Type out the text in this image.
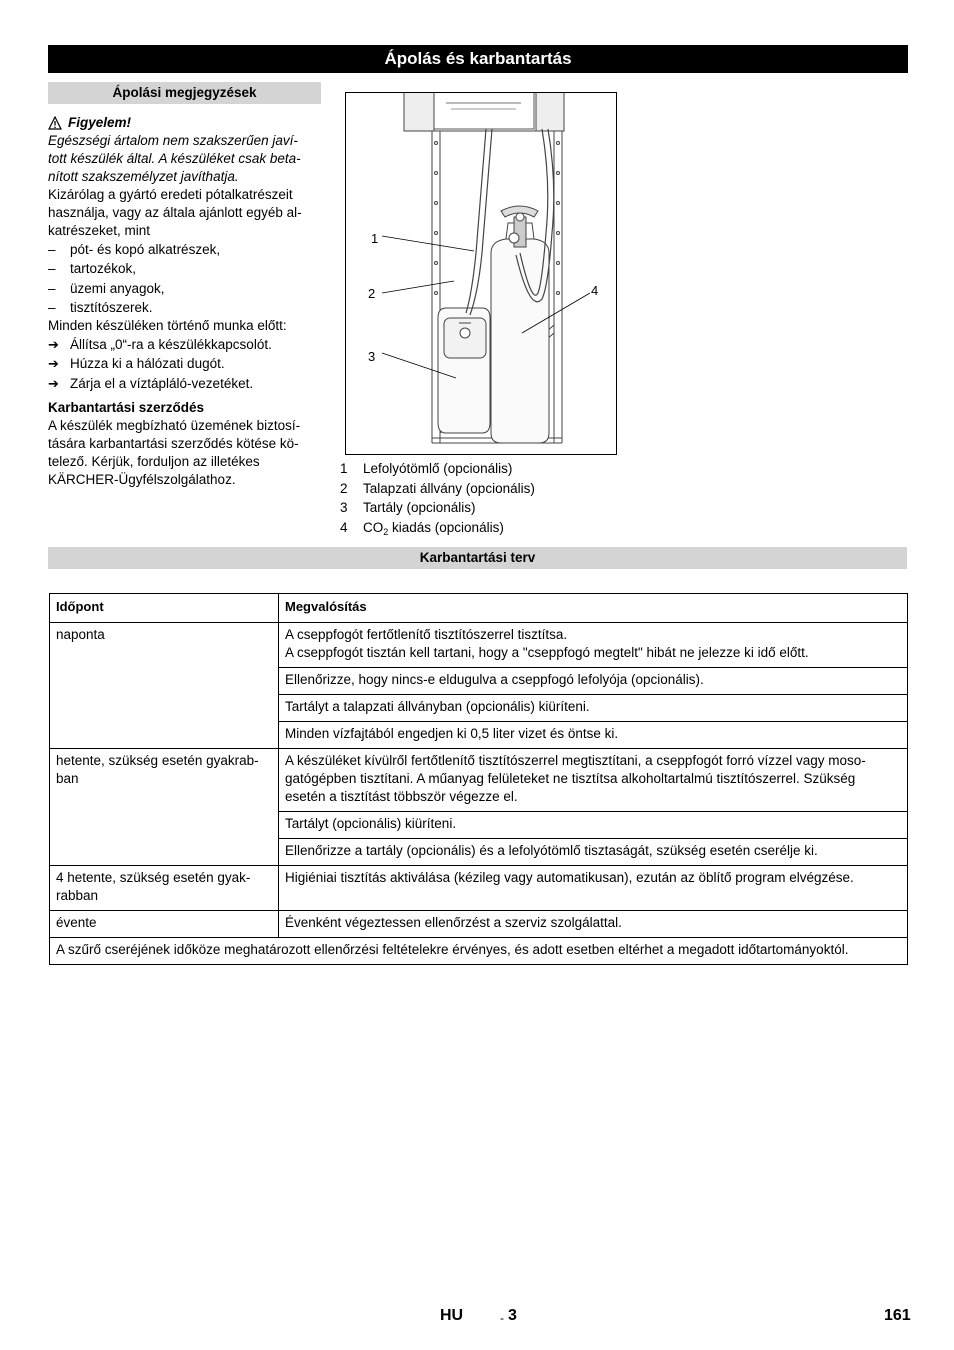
Ápolás és karbantartás
Ápolási megjegyzések
Figyelem!

Egészségi ártalom nem szakszerűen javí-
tott készülék által. A készüléket csak beta-
nított szakszemélyzet javíthatja.

Kizárólag a gyártó eredeti pótalkatrészeit
használja, vagy az általa ajánlott egyéb al-
katrészeket, mint

–	pót- és kopó alkatrészek,
–	tartozékok,
–	üzemi anyagok,
–	tisztítószerek.

Minden készüléken történő munka előtt:

➔ Állítsa „0“-ra a készülékkapcsolót.
➔ Húzza ki a hálózati dugót.
➔ Zárja el a víztápláló-vezetéket.

Karbantartási szerződés

A készülék megbízható üzemének biztosí-
tására karbantartási szerződés kötése kö-
telező. Kérjük, forduljon az illetékes
KÄRCHER-Ügyfélszolgálathoz.

1
2
3
4
1	Lefolyótömlő (opcionális)
2	Talapzati állvány (opcionális)
3	Tartály (opcionális)
4	$CO_2$ kiadás (opcionális)
Karbantartási terv
Időpont	Megvalósítás
naponta	A cseppfogót fertőtlenítő tisztítószerrel tisztítsa.
A cseppfogót tisztán kell tartani, hogy a "cseppfogó megtelt" hibát ne jelezze ki idő előtt.

	Ellenőrizze, hogy nincs-e eldugulva a cseppfogó lefolyója (opcionális).
	Tartályt a talapzati állványban (opcionális) kiüríteni.
	Minden vízfajtából engedjen ki 0,5 liter vizet és öntse ki.

hetente, szükség esetén gyakrab-
ban	A készüléket kívülről fertőtlenítő tisztítószerrel megtisztítani, a cseppfogót forró vízzel vagy moso-
gatógépben tisztítani. A műanyag felületeket ne tisztítsa alkoholtartalmú tisztítószerrel. Szükség
esetén a tisztítást többször végezze el.

	Tartályt (opcionális) kiüríteni.
	Ellenőrizze a tartály (opcionális) és a lefolyótömlő tisztaságát, szükség esetén cserélje ki.

4 hetente, szükség esetén gyak-
rabban	Higiéniai tisztítás aktiválása (kézileg vagy automatikusan), ezután az öblítő program elvégzése.
évente	Évenként végeztessen ellenőrzést a szerviz szolgálattal.
A szűrő cseréjének időköze meghatározott ellenőrzési feltételekre érvényes, és adott esetben eltérhet a megadott időtartományoktól.	
HU	- 3	161
